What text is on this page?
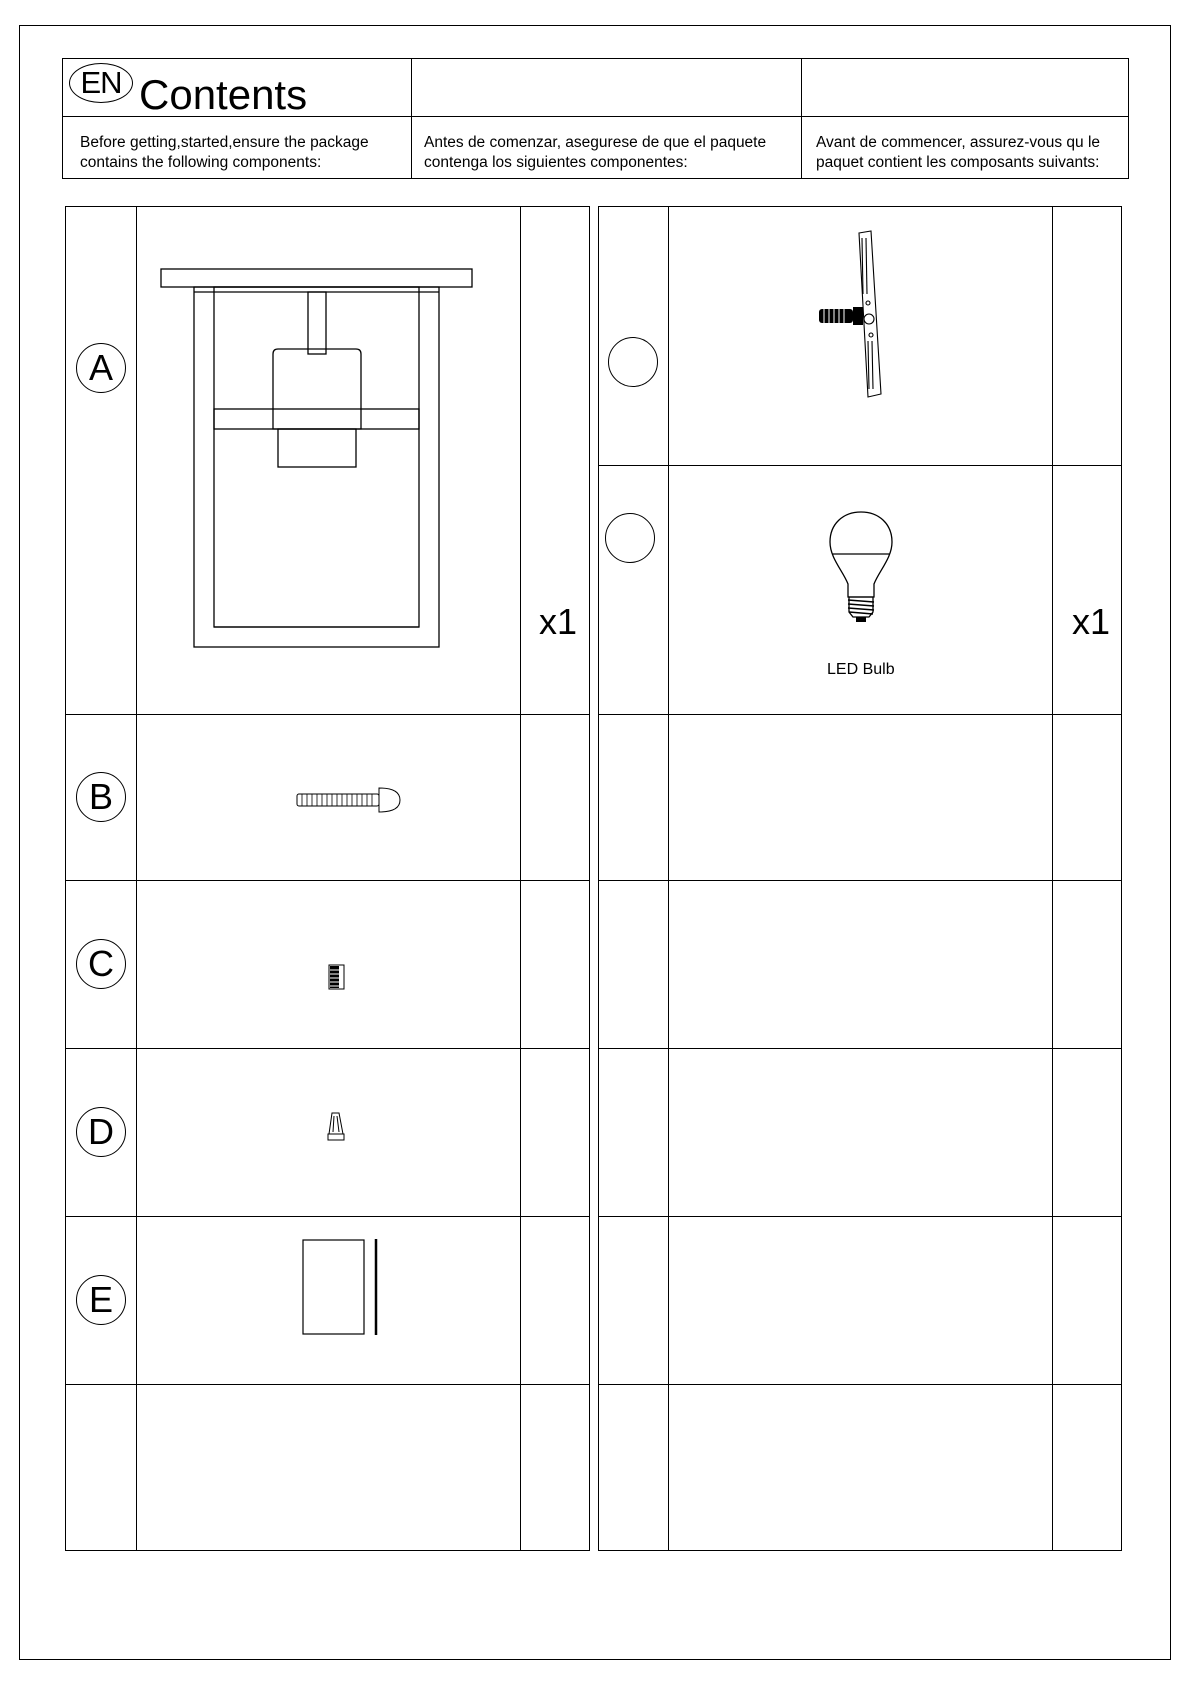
EN Contents
Before getting,started,ensure the package
contains the following components:
Antes de comenzar, asegurese de que el paquete
contenga los siguientes componentes:
Avant de commencer, assurez-vous qu le
paquet contient les composants suivants:
A
x1
B
C
D
E
LED Bulb
x1
